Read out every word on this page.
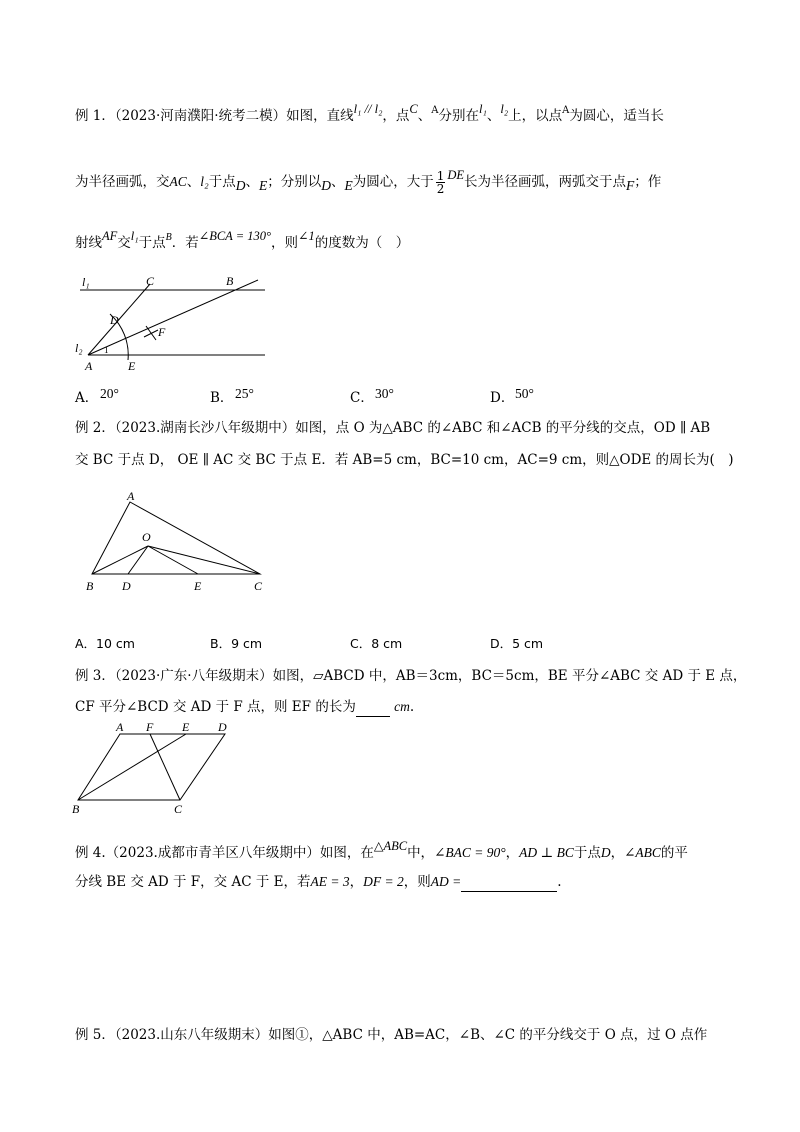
例 1．（2023·河南濮阳·统考二模）如图，直线l₁ // l₂，点C、$^A$分别在l₁、l₂上，以点$^A$为圆心，适当长
为半径画弧，交AC、l₂于点D、E；分别以D、E为圆心，大于 $\frac{1}{2}$ DE长为半径画弧，两弧交于点F；作
射线AF交l₁于点$^B$．若∠BCA = 130°，则∠1的度数为（　）
l₁	C	B
D
F
l₂ 1
A	E
A． 20°	B． 25°	C． 30°	D． 50°
例 2．（2023.湖南长沙八年级期中）如图，点 O 为△ABC 的∠ABC 和∠ACB 的平分线的交点，OD ∥ AB
交 BC 于点 D， OE ∥ AC 交 BC 于点 E．若 AB=5 cm，BC=10 cm，AC=9 cm，则△ODE 的周长为(　)
A
O
B D	E	C
A．10 cm	B．9 cm	C．8 cm	D．5 cm
例 3．（2023·广东·八年级期末）如图，▱ABCD 中，AB＝3cm，BC＝5cm，BE 平分∠ABC 交 AD 于 E 点，
CF 平分∠BCD 交 AD 于 F 点，则 EF 的长为	cm.
A F E D
B	C
例 4.（2023.成都市青羊区八年级期中）如图，在△ABC中，∠BAC = 90°，AD ⊥ BC于点D，∠ABC的平
分线 BE 交 AD 于 F，交 AC 于 E，若AE = 3，DF = 2，则AD =	.
例 5．（2023.山东八年级期末）如图①，△ABC 中，AB=AC，∠B、∠C 的平分线交于 O 点，过 O 点作
